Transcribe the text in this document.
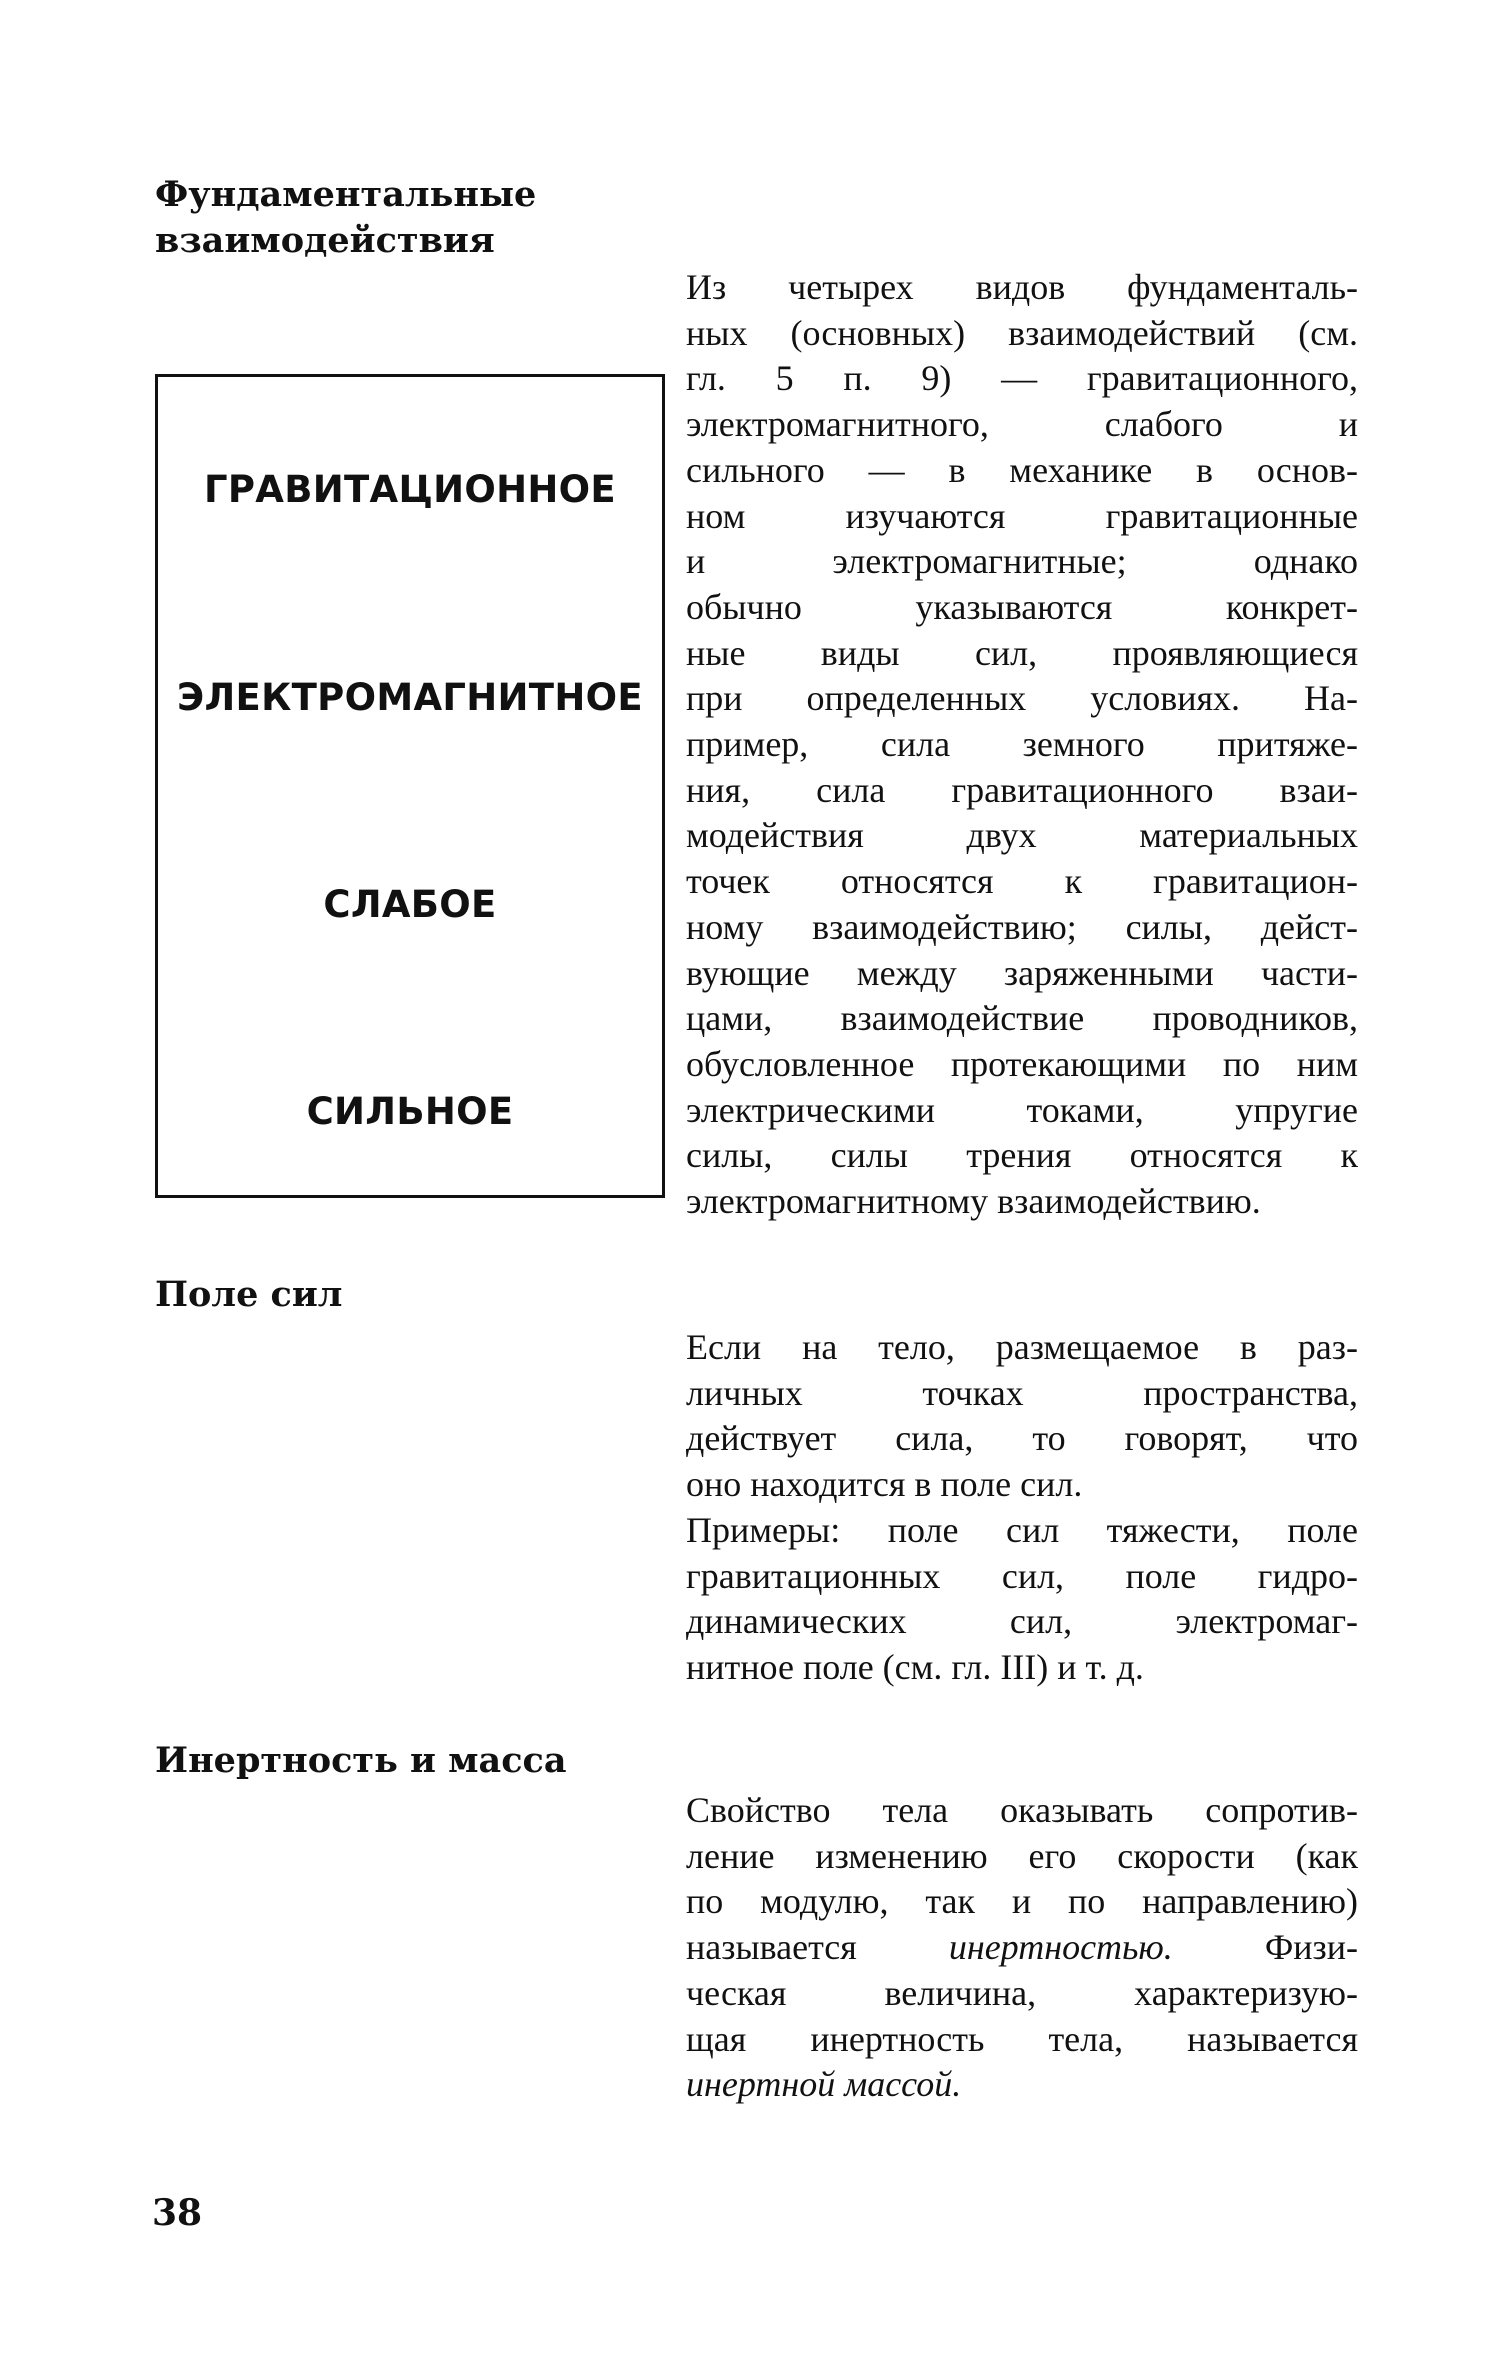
Фундаментальные
взаимодействия
ГРАВИТАЦИОННОЕ
ЭЛЕКТРОМАГНИТНОЕ
СЛАБОЕ
СИЛЬНОЕ

Из четырех видов фундаменталь-
ных (основных) взаимодействий (см.
гл. 5 п. 9) — гравитационного,
электромагнитного, слабого и
сильного — в механике в основ-
ном изучаются гравитационные
и электромагнитные; однако
обычно указываются конкрет-
ные виды сил, проявляющиеся
при определенных условиях. На-
пример, сила земного притяже-
ния, сила гравитационного взаи-
модействия двух материальных
точек относятся к гравитацион-
ному взаимодействию; силы, дейст-
вующие между заряженными части-
цами, взаимодействие проводников,
обусловленное протекающими по ним
электрическими токами, упругие
силы, силы трения относятся к
электромагнитному взаимодействию.

Поле сил

Если на тело, размещаемое в раз-
личных точках пространства,
действует сила, то говорят, что
оно находится в поле сил.
Примеры: поле сил тяжести, поле
гравитационных сил, поле гидро-
динамических сил, электромаг-
нитное поле (см. гл. III) и т. д.

Инертность и масса

Свойство тела оказывать сопротив-
ление изменению его скорости (как
по модулю, так и по направлению)
называется инертностью. Физи-
ческая величина, характеризую-
щая инертность тела, называется
инертной массой.

38
